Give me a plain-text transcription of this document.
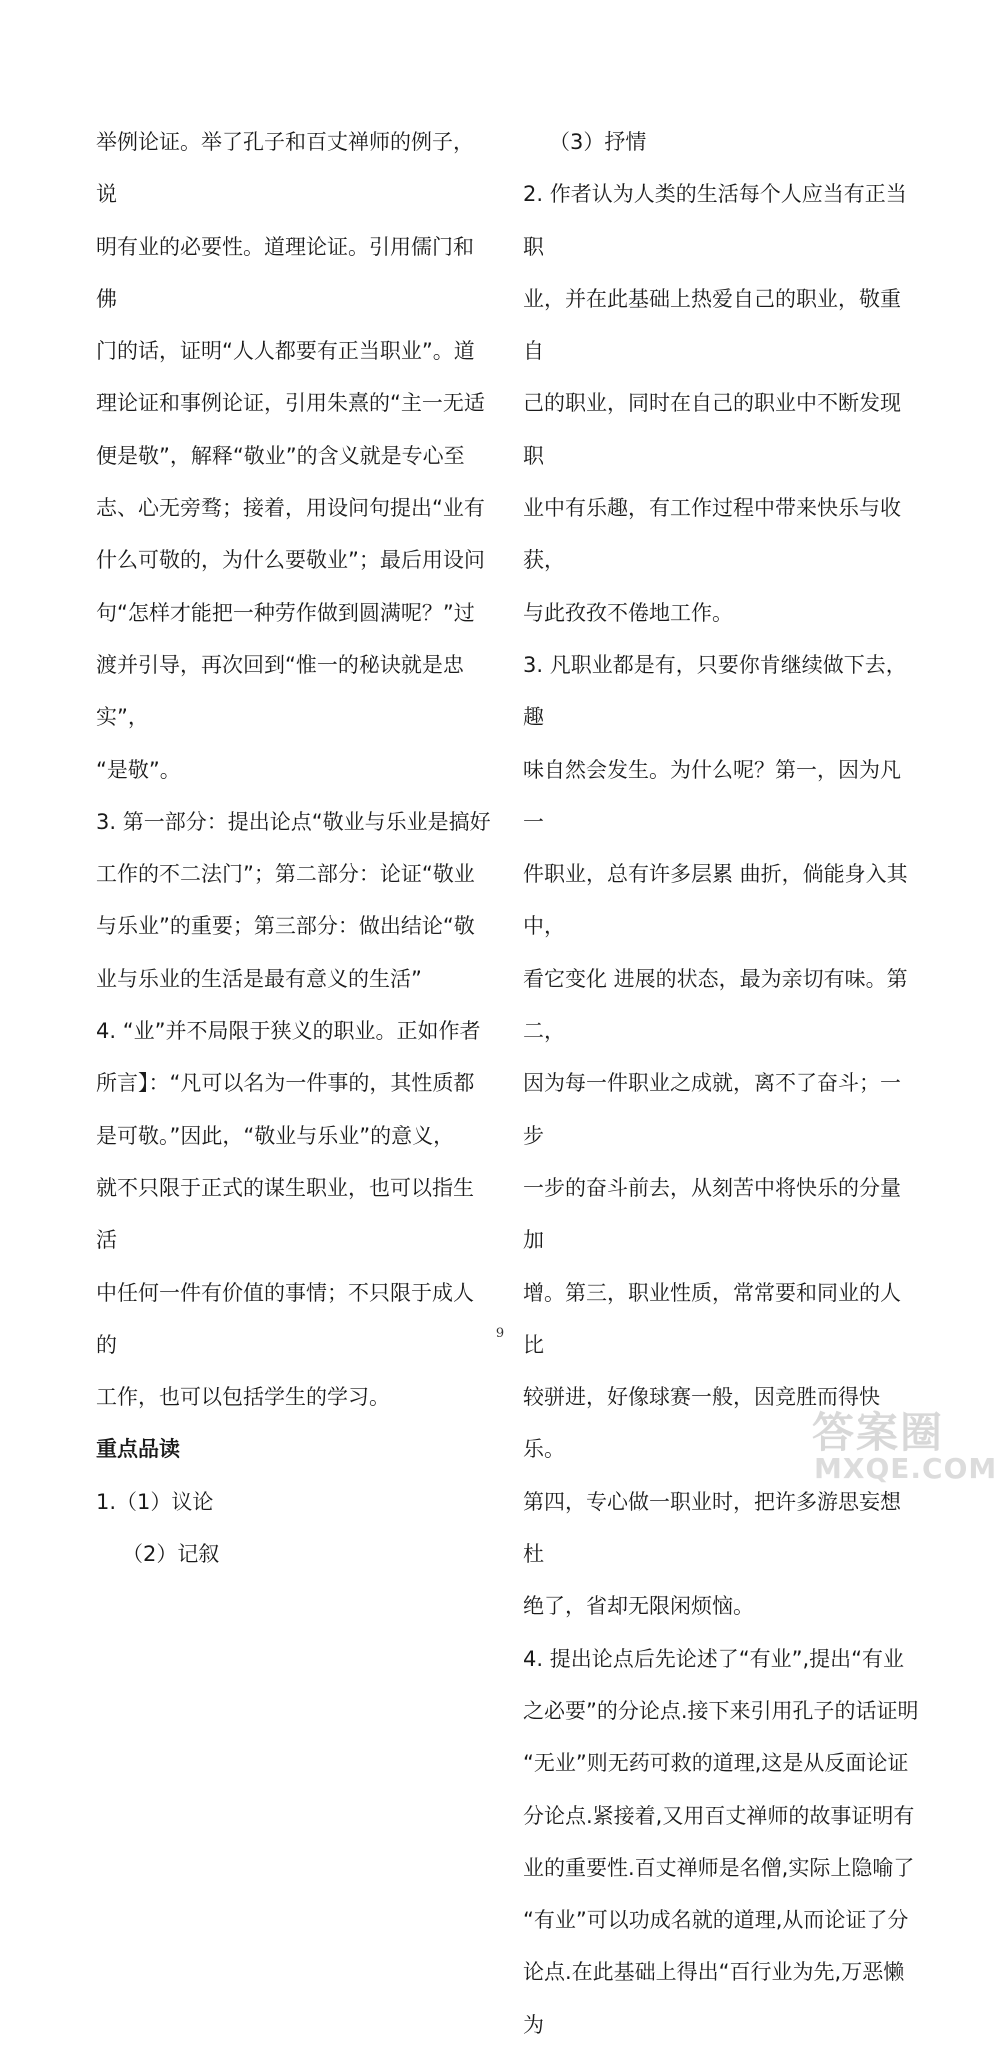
举例论证。举了孔子和百丈禅师的例子，说

明有业的必要性。道理论证。引用儒门和佛

门的话，证明“人人都要有正当职业”。道

理论证和事例论证，引用朱熹的“主一无适

便是敬”，解释“敬业”的含义就是专心至

志、心无旁骛；接着，用设问句提出“业有

什么可敬的，为什么要敬业”；最后用设问

句“怎样才能把一种劳作做到圆满呢？”过

渡并引导，再次回到“惟一的秘诀就是忠实”，

“是敬”。

3. 第一部分：提出论点“敬业与乐业是搞好

工作的不二法门”；第二部分：论证“敬业

与乐业”的重要；第三部分：做出结论“敬

业与乐业的生活是最有意义的生活”

4. “业”并不局限于狭义的职业。正如作者

所言】：“凡可以名为一件事的，其性质都

是可敬。”因此，“敬业与乐业”的意义，

就不只限于正式的谋生职业，也可以指生活

中任何一件有价值的事情；不只限于成人的

工作，也可以包括学生的学习。

重点品读

1.（1）议论

（2）记叙

（3）抒情

2. 作者认为人类的生活每个人应当有正当职

业，并在此基础上热爱自己的职业，敬重自

己的职业，同时在自己的职业中不断发现职

业中有乐趣，有工作过程中带来快乐与收获，

与此孜孜不倦地工作。

3. 凡职业都是有，只要你肯继续做下去，趣

味自然会发生。为什么呢？第一，因为凡一

件职业，总有许多层累 曲折，倘能身入其中，

看它变化 进展的状态，最为亲切有味。第二，

因为每一件职业之成就，离不了奋斗；一步

一步的奋斗前去，从刻苦中将快乐的分量加

增。第三，职业性质，常常要和同业的人比

较骈进，好像球赛一般，因竞胜而得快乐。

第四，专心做一职业时，把许多游思妄想杜

绝了，省却无限闲烦恼。

4. 提出论点后先论述了“有业”,提出“有业

之必要”的分论点.接下来引用孔子的话证明

“无业”则无药可救的道理,这是从反面论证

分论点.紧接着,又用百丈禅师的故事证明有

业的重要性.百丈禅师是名僧,实际上隐喻了

“有业”可以功成名就的道理,从而论证了分

论点.在此基础上得出“百行业为先,万恶懒为

9
答案圈
MXQE.COM
